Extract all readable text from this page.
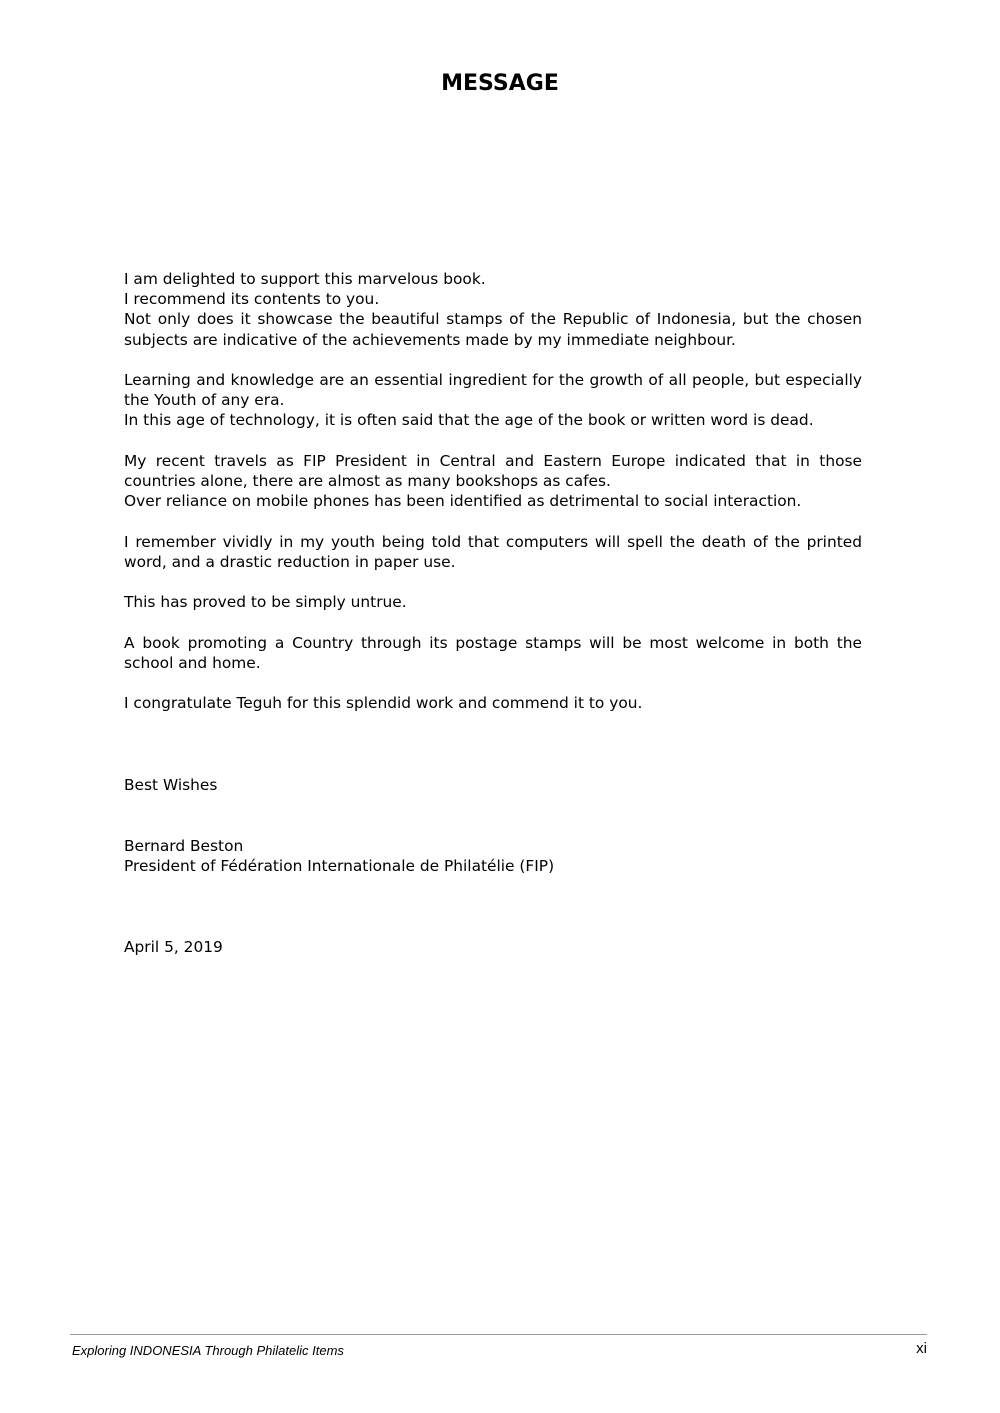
MESSAGE

I am delighted to support this marvelous book.
I recommend its contents to you.
Not only does it showcase the beautiful stamps of the Republic of Indonesia, but the chosen subjects are indicative of the achievements made by my immediate neighbour.

Learning and knowledge are an essential ingredient for the growth of all people, but especially the Youth of any era.
In this age of technology, it is often said that the age of the book or written word is dead.

My recent travels as FIP President in Central and Eastern Europe indicated that in those countries alone, there are almost as many bookshops as cafes.
Over reliance on mobile phones has been identified as detrimental to social interaction.

I remember vividly in my youth being told that computers will spell the death of the printed word, and a drastic reduction in paper use.

This has proved to be simply untrue.

A book promoting a Country through its postage stamps will be most welcome in both the school and home.

I congratulate Teguh for this splendid work and commend it to you.

Best Wishes
Bernard Beston
President of Fédération Internationale de Philatélie (FIP)
April 5, 2019
Exploring INDONESIA Through Philatelic Items	xi
